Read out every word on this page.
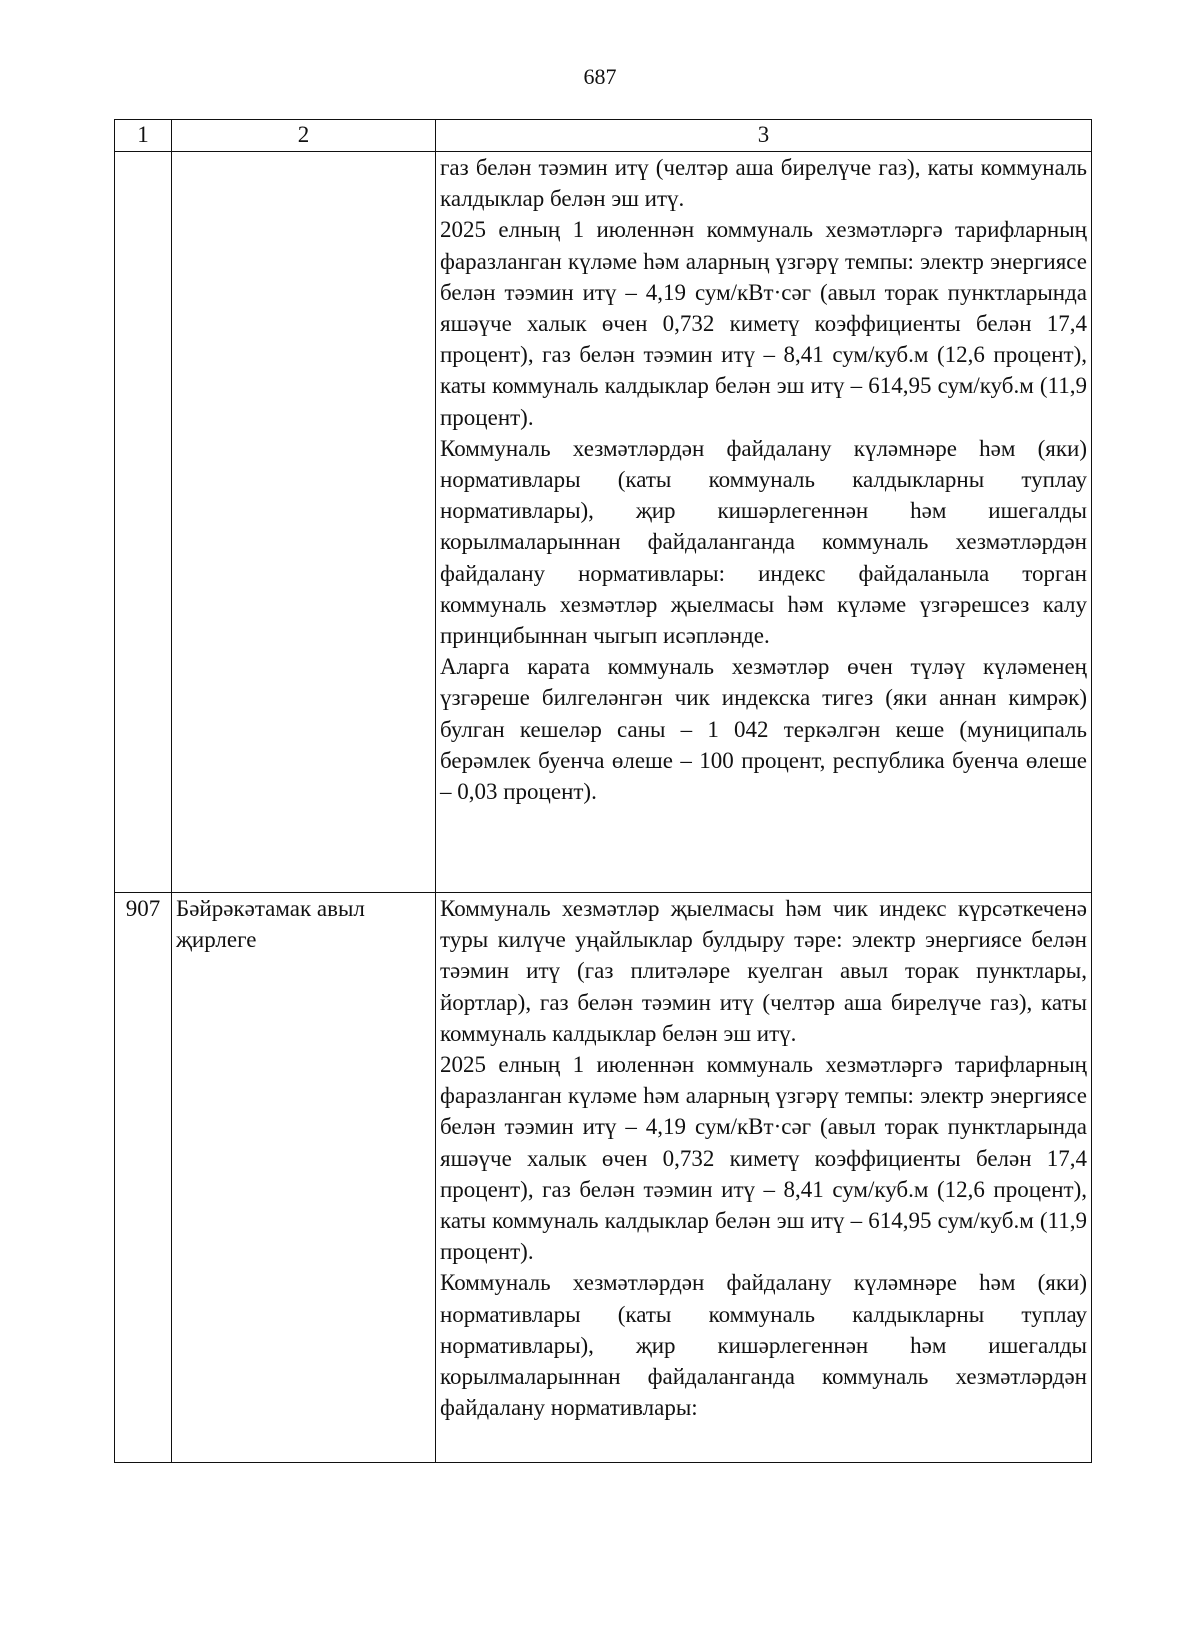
687
1	2	3

		газ белән тәэмин итү (челтәр аша бирелүче газ), каты коммуналь калдыклар белән эш итү.

2025 елның 1 июленнән коммуналь хезмәтләргә тарифларның фаразланган күләме һәм аларның үзгәрү темпы: электр энергиясе белән тәэмин итү – 4,19 сум/кВт·сәг (авыл торак пунктларында яшәүче халык өчен 0,732 киметү коэффициенты белән 17,4 процент), газ белән тәэмин итү – 8,41 сум/куб.м (12,6 процент), каты коммуналь калдыклар белән эш итү – 614,95 сум/куб.м (11,9 процент).

Коммуналь хезмәтләрдән файдалану күләмнәре һәм (яки) нормативлары (каты коммуналь калдыкларны туплау нормативлары), җир кишәрлегеннән һәм ишегалды корылмаларыннан файдаланганда коммуналь хезмәтләрдән файдалану нормативлары: индекс файдаланыла торган коммуналь хезмәтләр җыелмасы һәм күләме үзгәрешсез калу принцибыннан чыгып исәпләнде.

Аларга карата коммуналь хезмәтләр өчен түләү күләменең үзгәреше билгеләнгән чик индекска тигез (яки аннан кимрәк) булган кешеләр саны – 1 042 теркәлгән кеше (муниципаль берәмлек буенча өлеше – 100 процент, республика буенча өлеше – 0,03 процент).

907	Бәйрәкәтамак авыл җирлеге	Коммуналь хезмәтләр җыелмасы һәм чик индекс күрсәткеченә туры килүче уңайлыклар булдыру тәре: электр энергиясе белән тәэмин итү (газ плитәләре куелган авыл торак пунктлары, йортлар), газ белән тәэмин итү (челтәр аша бирелүче газ), каты коммуналь калдыклар белән эш итү.

2025 елның 1 июленнән коммуналь хезмәтләргә тарифларның фаразланган күләме һәм аларның үзгәрү темпы: электр энергиясе белән тәэмин итү – 4,19 сум/кВт·сәг (авыл торак пунктларында яшәүче халык өчен 0,732 киметү коэффициенты белән 17,4 процент), газ белән тәэмин итү – 8,41 сум/куб.м (12,6 процент), каты коммуналь калдыклар белән эш итү – 614,95 сум/куб.м (11,9 процент).

Коммуналь хезмәтләрдән файдалану күләмнәре һәм (яки) нормативлары (каты коммуналь калдыкларны туплау нормативлары), җир кишәрлегеннән һәм ишегалды корылмаларыннан файдаланганда коммуналь хезмәтләрдән файдалану нормативлары:
